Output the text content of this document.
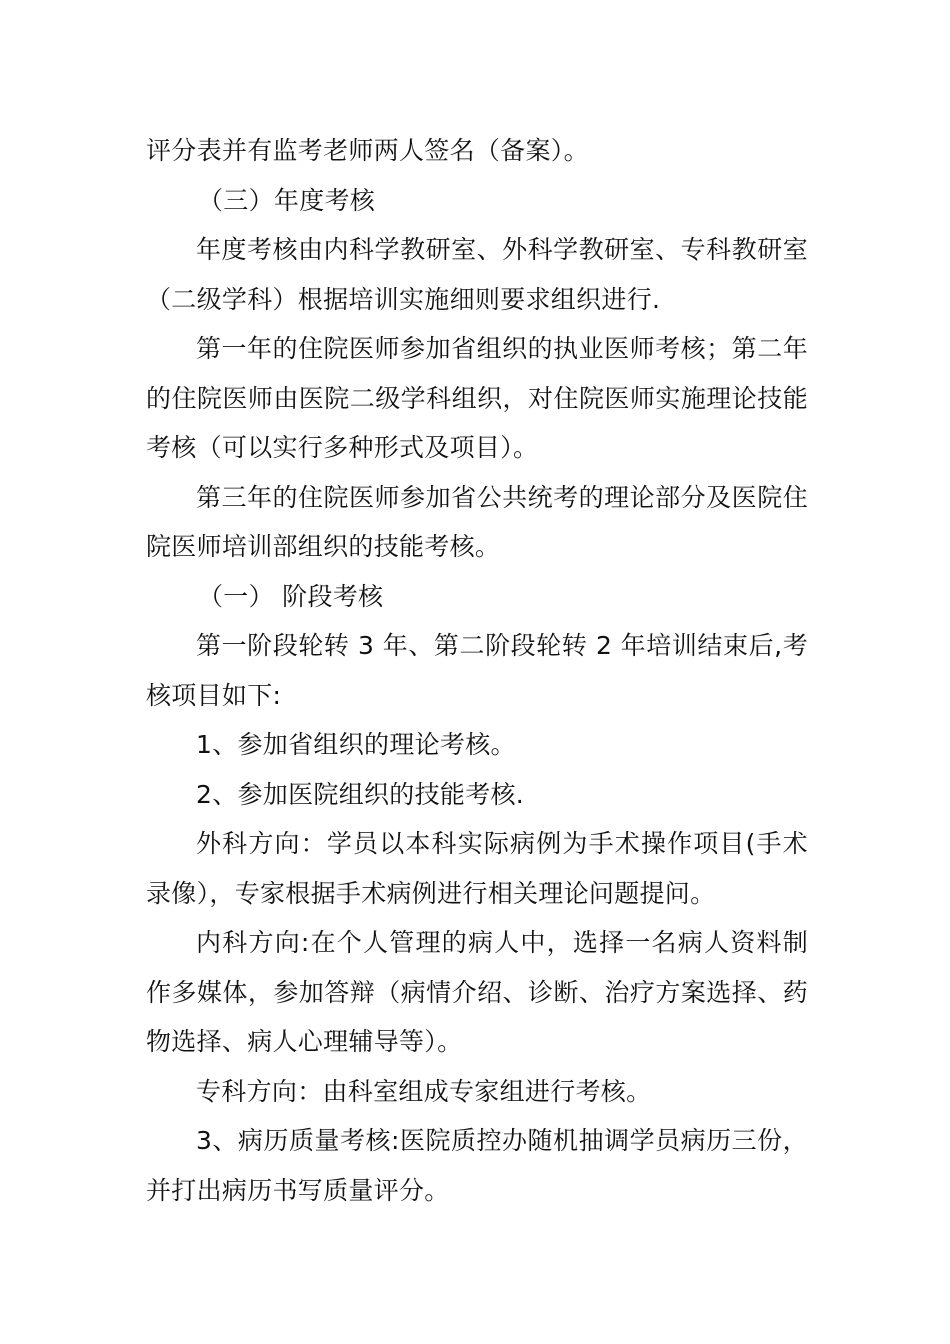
评分表并有监考老师两人签名（备案）。

（三）年度考核

年度考核由内科学教研室、外科学教研室、专科教研室（二级学科）根据培训实施细则要求组织进行.

第一年的住院医师参加省组织的执业医师考核；第二年的住院医师由医院二级学科组织，对住院医师实施理论技能考核（可以实行多种形式及项目）。

第三年的住院医师参加省公共统考的理论部分及医院住院医师培训部组织的技能考核。

（一） 阶段考核

第一阶段轮转 3 年、第二阶段轮转 2 年培训结束后,考核项目如下:

1、参加省组织的理论考核。

2、参加医院组织的技能考核.

外科方向：学员以本科实际病例为手术操作项目(手术录像），专家根据手术病例进行相关理论问题提问。

内科方向:在个人管理的病人中，选择一名病人资料制作多媒体，参加答辩（病情介绍、诊断、治疗方案选择、药物选择、病人心理辅导等）。

专科方向：由科室组成专家组进行考核。

3、病历质量考核:医院质控办随机抽调学员病历三份，并打出病历书写质量评分。
